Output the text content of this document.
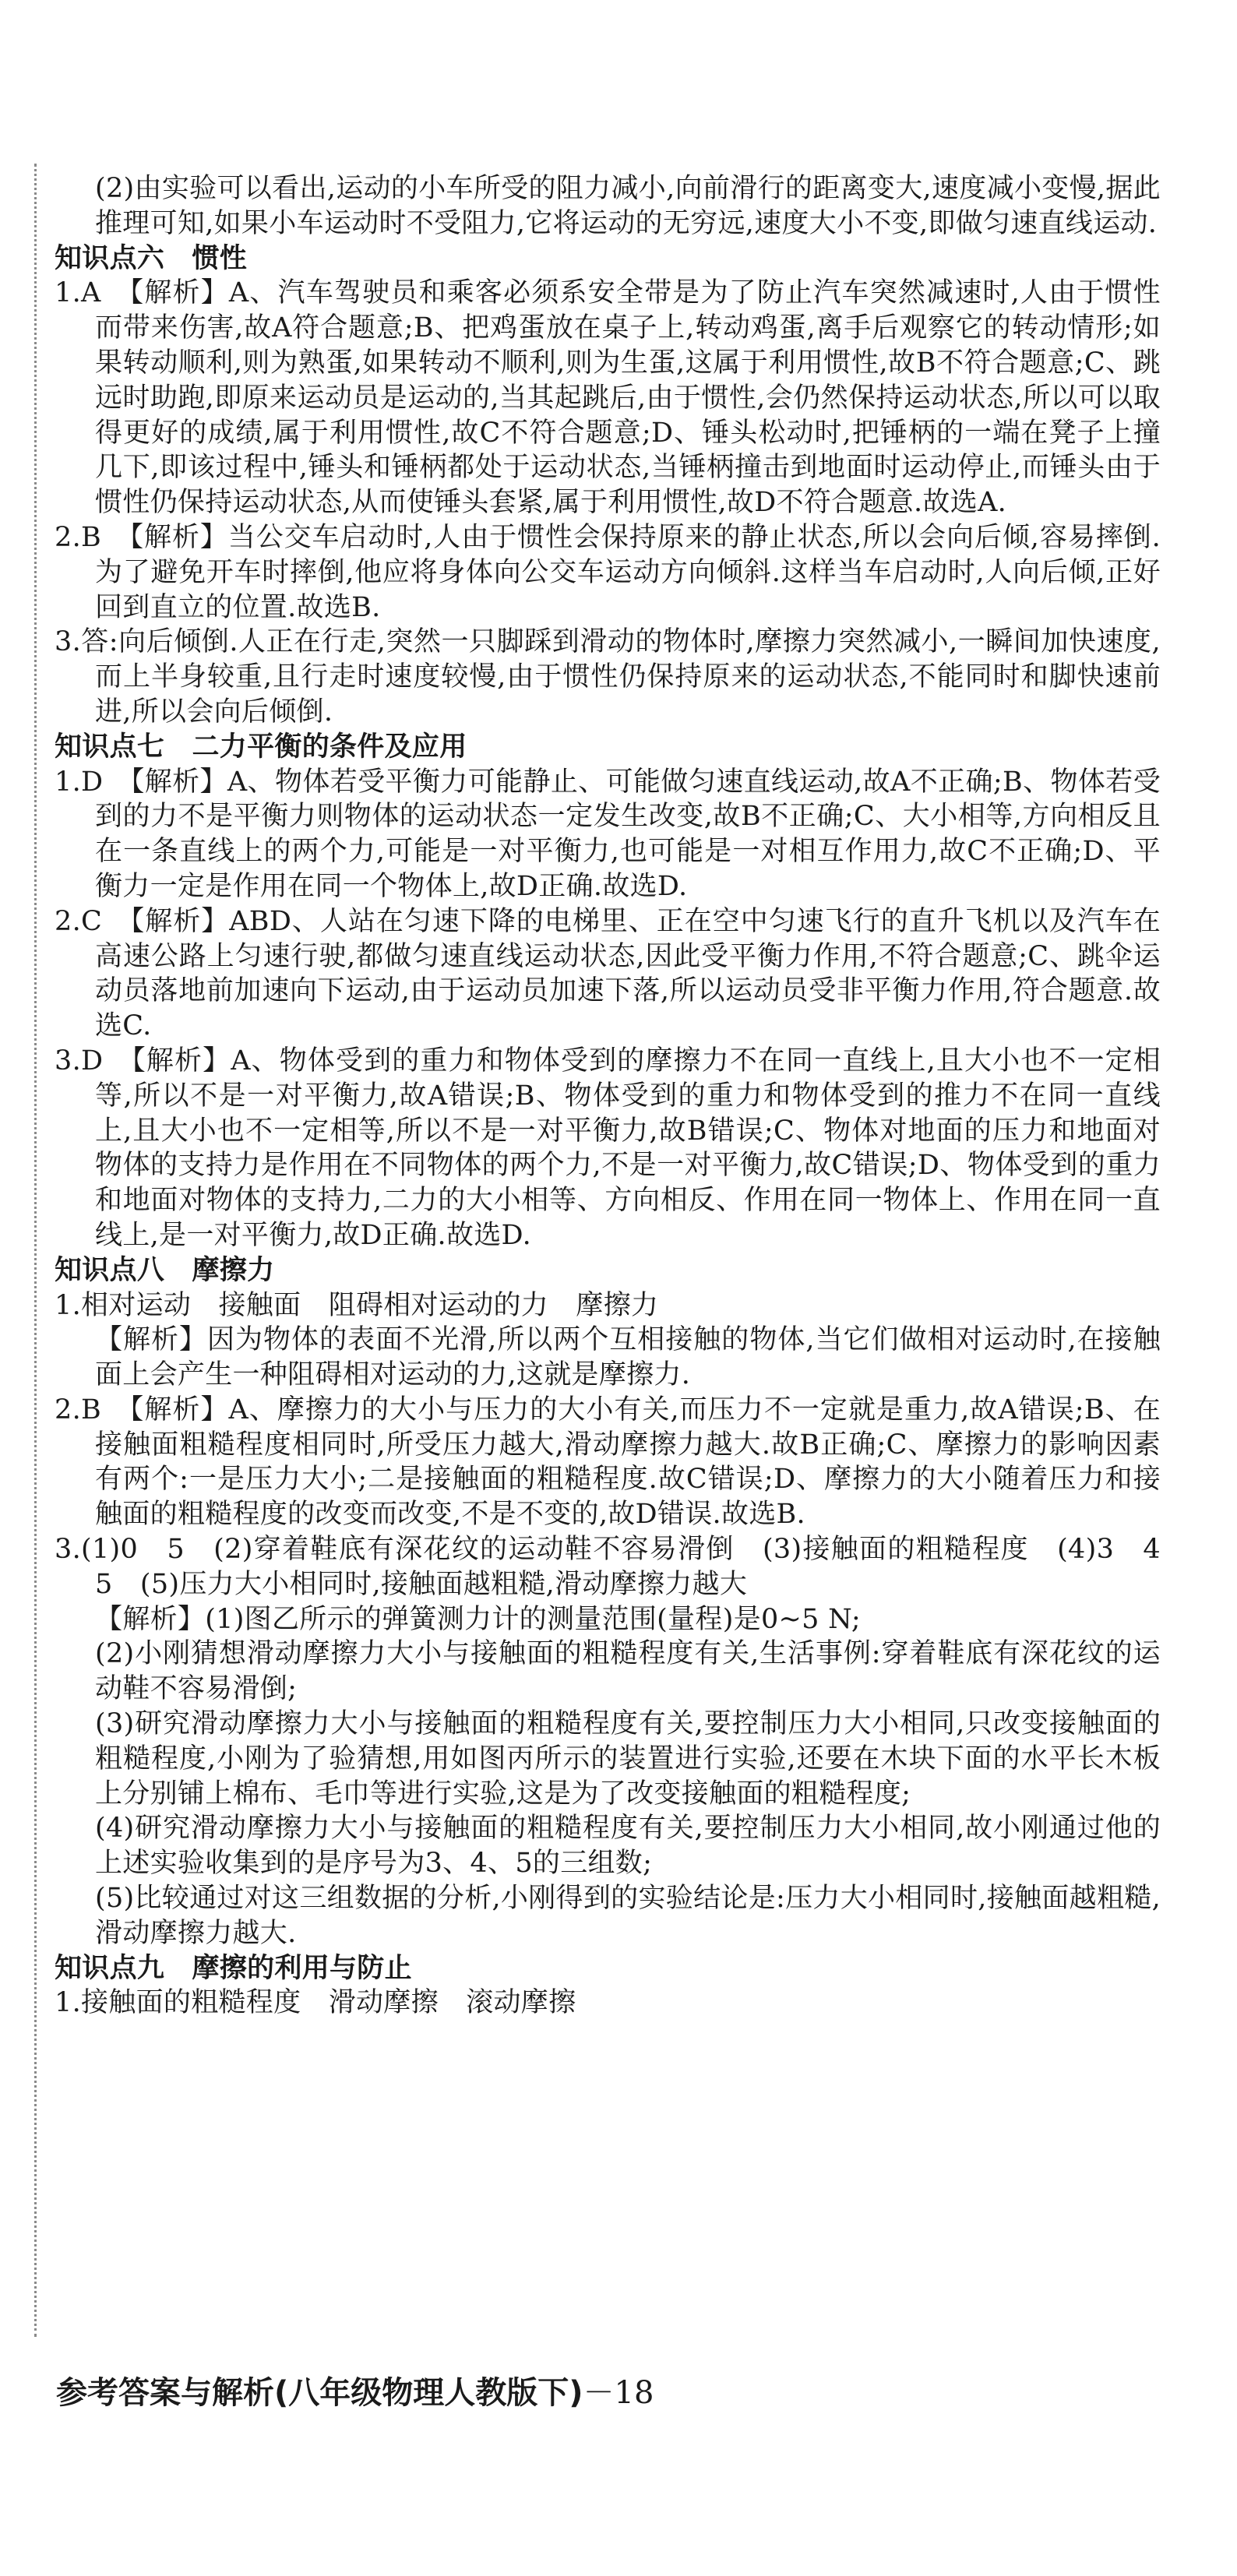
(2)由实验可以看出,运动的小车所受的阻力减小,向前滑行的距离变大,速度减小变慢,据此推理可知,如果小车运动时不受阻力,它将运动的无穷远,速度大小不变,即做匀速直线运动.

知识点六　惯性

1.A　【解析】A、汽车驾驶员和乘客必须系安全带是为了防止汽车突然减速时,人由于惯性而带来伤害,故A符合题意;B、把鸡蛋放在桌子上,转动鸡蛋,离手后观察它的转动情形;如果转动顺利,则为熟蛋,如果转动不顺利,则为生蛋,这属于利用惯性,故B不符合题意;C、跳远时助跑,即原来运动员是运动的,当其起跳后,由于惯性,会仍然保持运动状态,所以可以取得更好的成绩,属于利用惯性,故C不符合题意;D、锤头松动时,把锤柄的一端在凳子上撞几下,即该过程中,锤头和锤柄都处于运动状态,当锤柄撞击到地面时运动停止,而锤头由于惯性仍保持运动状态,从而使锤头套紧,属于利用惯性,故D不符合题意.故选A.

2.B　【解析】当公交车启动时,人由于惯性会保持原来的静止状态,所以会向后倾,容易摔倒.为了避免开车时摔倒,他应将身体向公交车运动方向倾斜.这样当车启动时,人向后倾,正好回到直立的位置.故选B.

3.答:向后倾倒.人正在行走,突然一只脚踩到滑动的物体时,摩擦力突然减小,一瞬间加快速度,而上半身较重,且行走时速度较慢,由于惯性仍保持原来的运动状态,不能同时和脚快速前进,所以会向后倾倒.

知识点七　二力平衡的条件及应用

1.D　【解析】A、物体若受平衡力可能静止、可能做匀速直线运动,故A不正确;B、物体若受到的力不是平衡力则物体的运动状态一定发生改变,故B不正确;C、大小相等,方向相反且在一条直线上的两个力,可能是一对平衡力,也可能是一对相互作用力,故C不正确;D、平衡力一定是作用在同一个物体上,故D正确.故选D.

2.C　【解析】ABD、人站在匀速下降的电梯里、正在空中匀速飞行的直升飞机以及汽车在高速公路上匀速行驶,都做匀速直线运动状态,因此受平衡力作用,不符合题意;C、跳伞运动员落地前加速向下运动,由于运动员加速下落,所以运动员受非平衡力作用,符合题意.故选C.

3.D　【解析】A、物体受到的重力和物体受到的摩擦力不在同一直线上,且大小也不一定相等,所以不是一对平衡力,故A错误;B、物体受到的重力和物体受到的推力不在同一直线上,且大小也不一定相等,所以不是一对平衡力,故B错误;C、物体对地面的压力和地面对物体的支持力是作用在不同物体的两个力,不是一对平衡力,故C错误;D、物体受到的重力和地面对物体的支持力,二力的大小相等、方向相反、作用在同一物体上、作用在同一直线上,是一对平衡力,故D正确.故选D.

知识点八　摩擦力

1.相对运动　接触面　阻碍相对运动的力　摩擦力

【解析】因为物体的表面不光滑,所以两个互相接触的物体,当它们做相对运动时,在接触面上会产生一种阻碍相对运动的力,这就是摩擦力.

2.B　【解析】A、摩擦力的大小与压力的大小有关,而压力不一定就是重力,故A错误;B、在接触面粗糙程度相同时,所受压力越大,滑动摩擦力越大.故B正确;C、摩擦力的影响因素有两个:一是压力大小;二是接触面的粗糙程度.故C错误;D、摩擦力的大小随着压力和接触面的粗糙程度的改变而改变,不是不变的,故D错误.故选B.

3.(1)0　5　(2)穿着鞋底有深花纹的运动鞋不容易滑倒　(3)接触面的粗糙程度　(4)3　4　5　(5)压力大小相同时,接触面越粗糙,滑动摩擦力越大

【解析】(1)图乙所示的弹簧测力计的测量范围(量程)是0~5 N;

(2)小刚猜想滑动摩擦力大小与接触面的粗糙程度有关,生活事例:穿着鞋底有深花纹的运动鞋不容易滑倒;

(3)研究滑动摩擦力大小与接触面的粗糙程度有关,要控制压力大小相同,只改变接触面的粗糙程度,小刚为了验猜想,用如图丙所示的装置进行实验,还要在木块下面的水平长木板上分别铺上棉布、毛巾等进行实验,这是为了改变接触面的粗糙程度;

(4)研究滑动摩擦力大小与接触面的粗糙程度有关,要控制压力大小相同,故小刚通过他的上述实验收集到的是序号为3、4、5的三组数;

(5)比较通过对这三组数据的分析,小刚得到的实验结论是:压力大小相同时,接触面越粗糙,滑动摩擦力越大.

知识点九　摩擦的利用与防止

1.接触面的粗糙程度　滑动摩擦　滚动摩擦

参考答案与解析(八年级物理人教版下)－18
